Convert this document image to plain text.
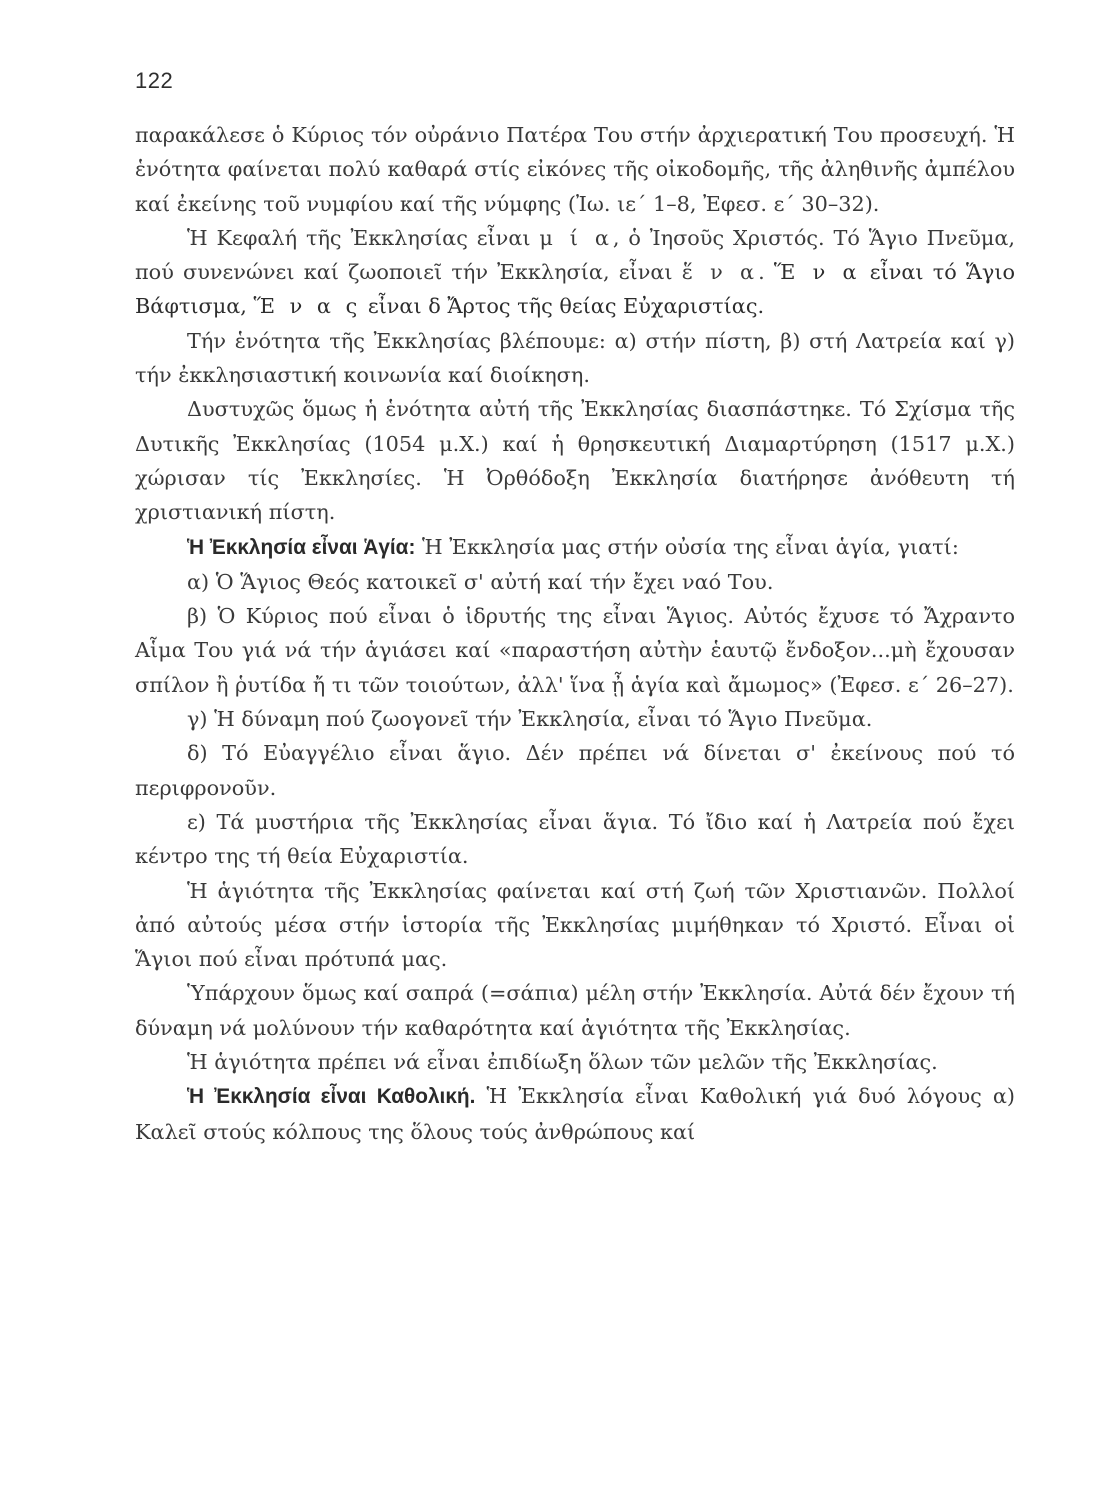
122

παρακάλεσε ὁ Κύριος τόν οὐράνιο Πατέρα Του στήν ἀρχιερατική Του προσευχή. Ἡ ἑνότητα φαίνεται πολύ καθαρά στίς εἰκόνες τῆς οἰκοδομῆς, τῆς ἀληθινῆς ἀμπέλου καί ἐκείνης τοῦ νυμφίου καί τῆς νύμφης (Ἰω. ιε΄ 1–8, Ἐφεσ. ε΄ 30–32).

Ἡ Κεφαλή τῆς Ἐκκλησίας εἶναι μ ί α, ὁ Ἰησοῦς Χριστός. Τό Ἅγιο Πνεῦμα, πού συνενώνει καί ζωοποιεῖ τήν Ἐκκλησία, εἶναι ἕ ν α. Ἕ ν α εἶναι τό Ἅγιο Βάφτισμα, Ἕ ν α ς εἶναι δ Ἄρτος τῆς θείας Εὐχαριστίας.

Τήν ἑνότητα τῆς Ἐκκλησίας βλέπουμε: α) στήν πίστη, β) στή Λατρεία καί γ) τήν ἐκκλησιαστική κοινωνία καί διοίκηση.

Δυστυχῶς ὅμως ἡ ἑνότητα αὐτή τῆς Ἐκκλησίας διασπάστηκε. Τό Σχίσμα τῆς Δυτικῆς Ἐκκλησίας (1054 μ.Χ.) καί ἡ θρησκευτική Διαμαρτύρηση (1517 μ.Χ.) χώρισαν τίς Ἐκκλησίες. Ἡ Ὀρθόδοξη Ἐκκλησία διατήρησε ἀνόθευτη τή χριστιανική πίστη.

Ἡ Ἐκκλησία εἶναι Ἁγία: Ἡ Ἐκκλησία μας στήν οὐσία της εἶναι ἁγία, γιατί:

α) Ὁ Ἅγιος Θεός κατοικεῖ σ' αὐτή καί τήν ἔχει ναό Του.

β) Ὁ Κύριος πού εἶναι ὁ ἱδρυτής της εἶναι Ἅγιος. Αὐτός ἔχυσε τό Ἄχραντο Αἷμα Του γιά νά τήν ἁγιάσει καί «παραστήση αὐτὴν ἑαυτῷ ἔνδοξον...μὴ ἔχουσαν σπίλον ἢ ῥυτίδα ἤ τι τῶν τοιούτων, ἀλλ' ἵνα ᾖ ἁγία καὶ ἄμωμος» (Ἐφεσ. ε΄ 26–27).

γ) Ἡ δύναμη πού ζωογονεῖ τήν Ἐκκλησία, εἶναι τό Ἅγιο Πνεῦμα.

δ) Τό Εὐαγγέλιο εἶναι ἅγιο. Δέν πρέπει νά δίνεται σ' ἐκείνους πού τό περιφρονοῦν.

ε) Τά μυστήρια τῆς Ἐκκλησίας εἶναι ἅγια. Τό ἴδιο καί ἡ Λατρεία πού ἔχει κέντρο της τή θεία Εὐχαριστία.

Ἡ ἁγιότητα τῆς Ἐκκλησίας φαίνεται καί στή ζωή τῶν Χριστιανῶν. Πολλοί ἀπό αὐτούς μέσα στήν ἱστορία τῆς Ἐκκλησίας μιμήθηκαν τό Χριστό. Εἶναι οἱ Ἅγιοι πού εἶναι πρότυπά μας.

Ὑπάρχουν ὅμως καί σαπρά (=σάπια) μέλη στήν Ἐκκλησία. Αὐτά δέν ἔχουν τή δύναμη νά μολύνουν τήν καθαρότητα καί ἁγιότητα τῆς Ἐκκλησίας.

Ἡ ἁγιότητα πρέπει νά εἶναι ἐπιδίωξη ὅλων τῶν μελῶν τῆς Ἐκκλησίας.

Ἡ Ἐκκλησία εἶναι Καθολική. Ἡ Ἐκκλησία εἶναι Καθολική γιά δυό λόγους α) Καλεῖ στούς κόλπους της ὅλους τούς ἀνθρώπους καί
